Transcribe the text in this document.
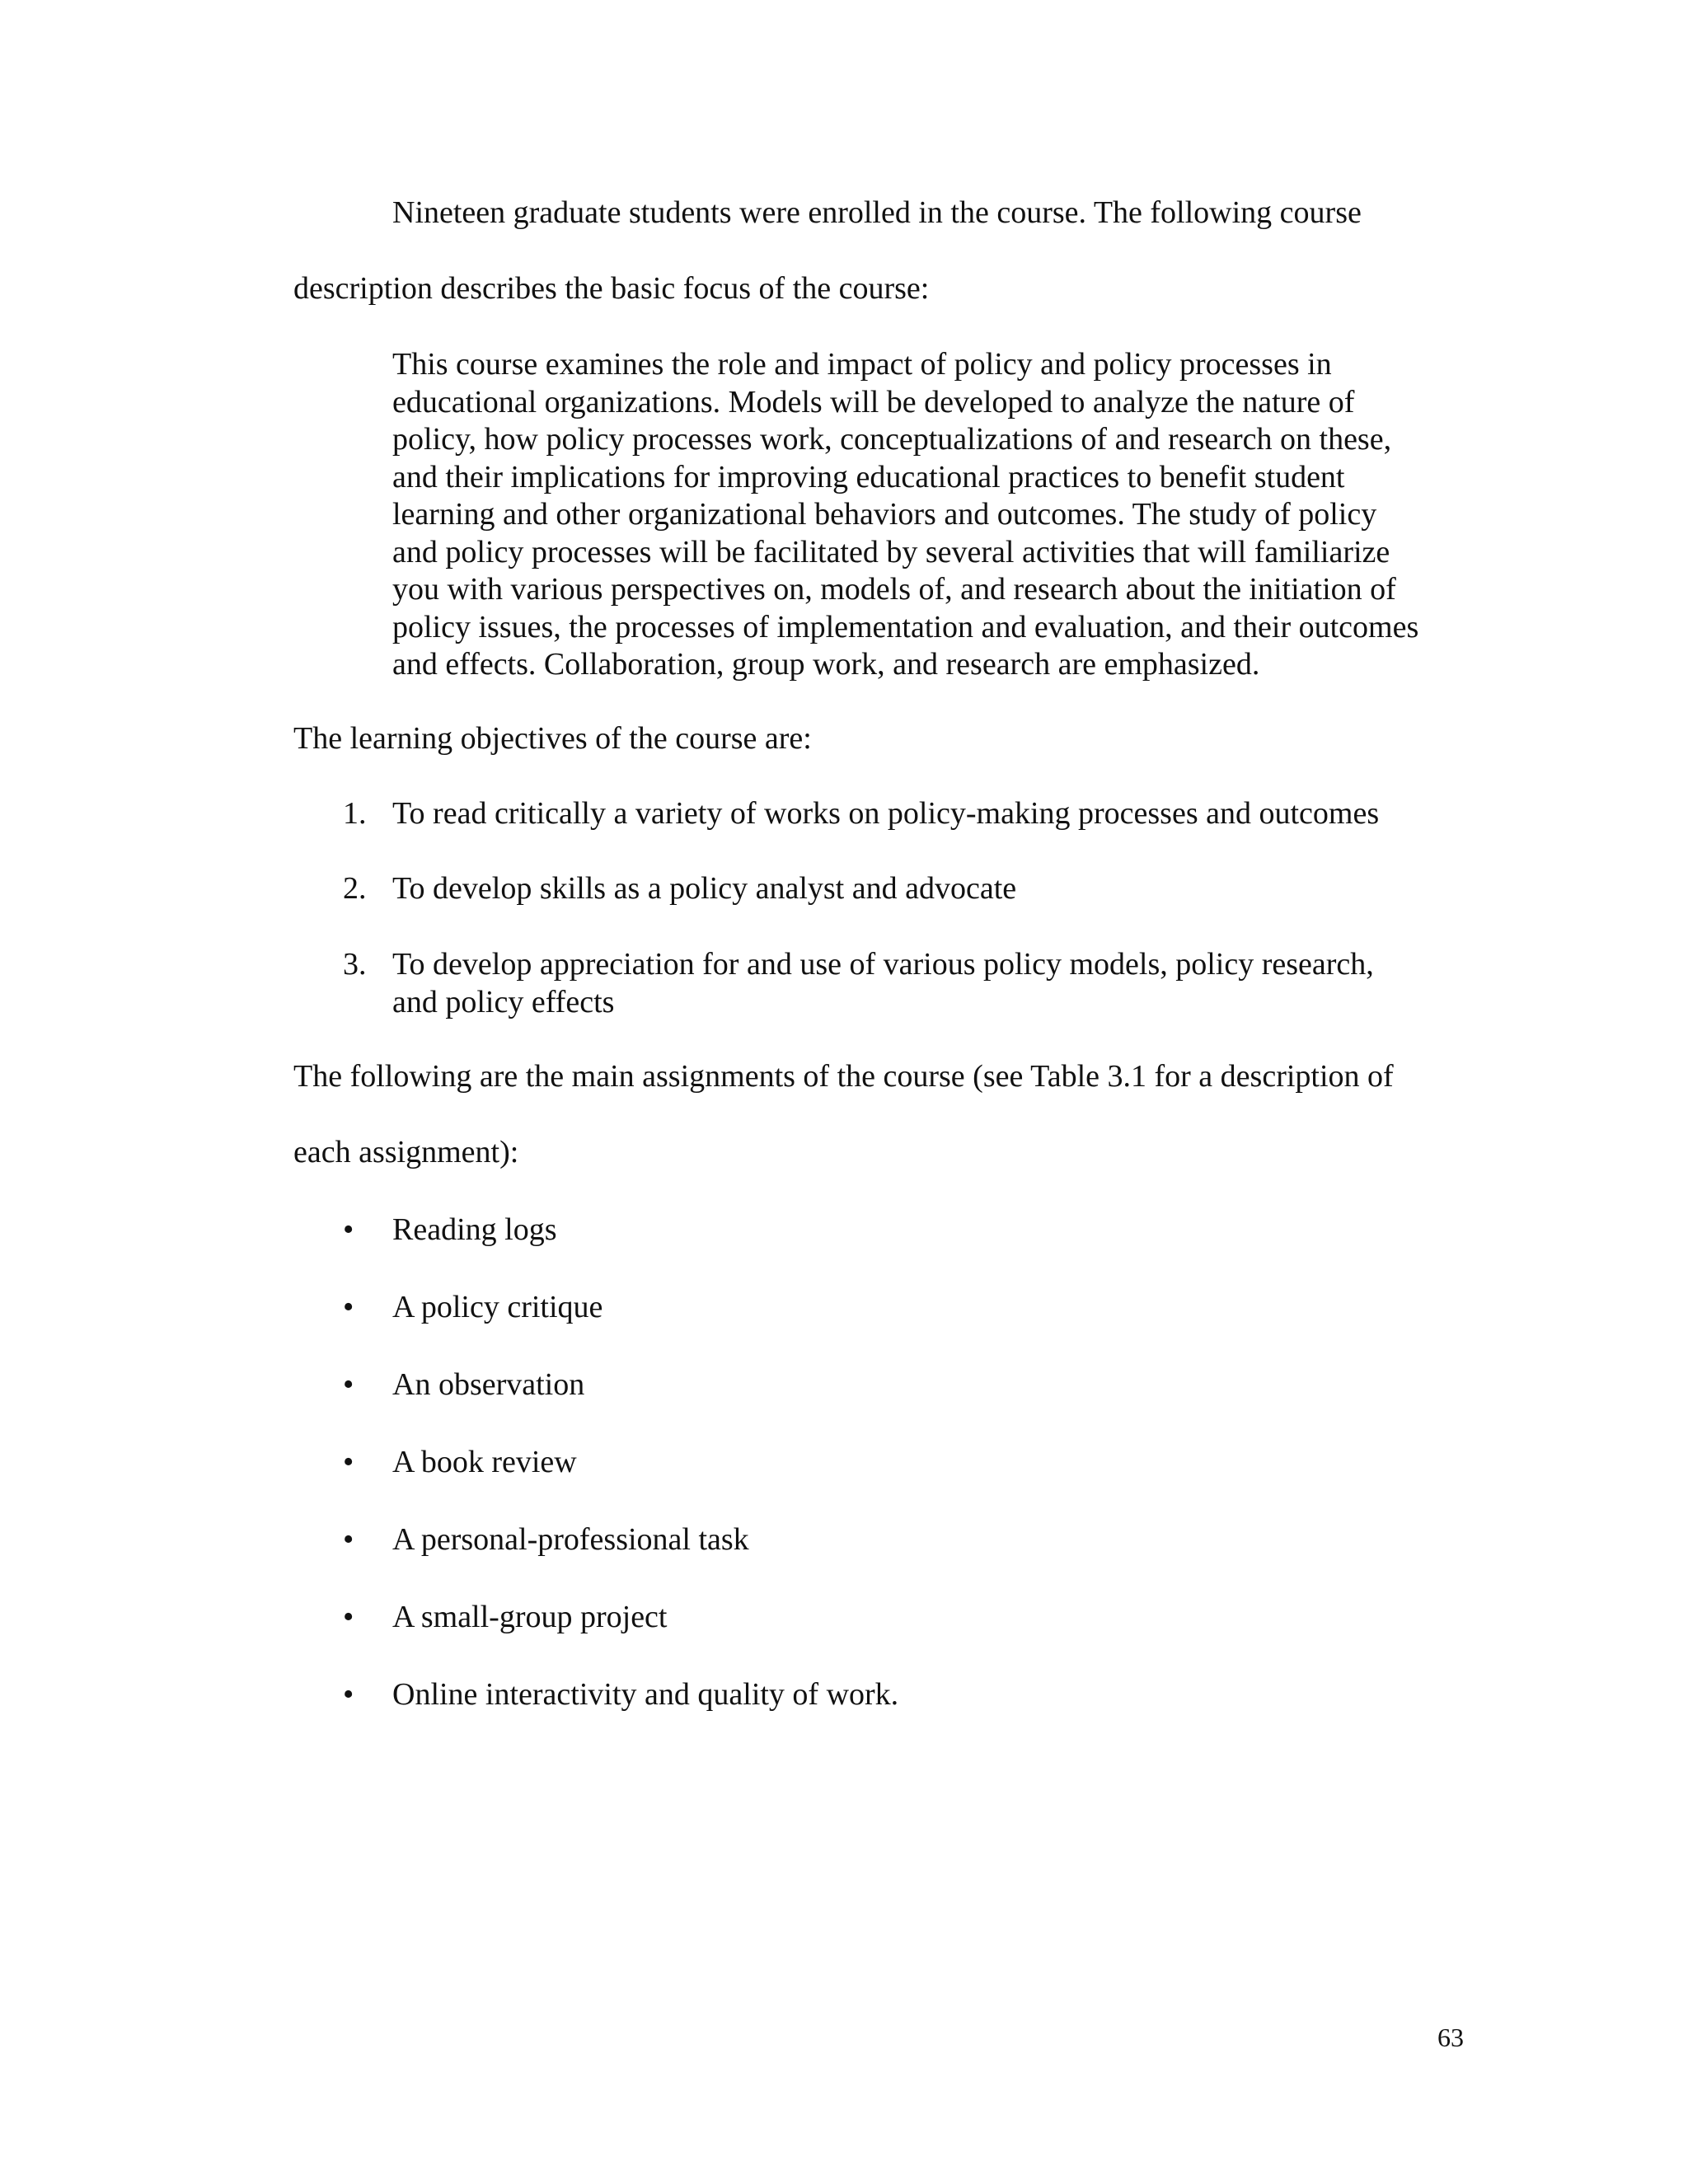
Nineteen graduate students were enrolled in the course. The following course

description describes the basic focus of the course:

This course examines the role and impact of policy and policy processes in
educational organizations. Models will be developed to analyze the nature of
policy, how policy processes work, conceptualizations of and research on these,
and their implications for improving educational practices to benefit student
learning and other organizational behaviors and outcomes. The study of policy
and policy processes will be facilitated by several activities that will familiarize
you with various perspectives on, models of, and research about the initiation of
policy issues, the processes of implementation and evaluation, and their outcomes
and effects. Collaboration, group work, and research are emphasized.

The learning objectives of the course are:

1. To read critically a variety of works on policy-making processes and outcomes
2. To develop skills as a policy analyst and advocate
3. To develop appreciation for and use of various policy models, policy research,
and policy effects

The following are the main assignments of the course (see Table 3.1 for a description of

each assignment):

• Reading logs
• A policy critique
• An observation
• A book review
• A personal-professional task
• A small-group project
• Online interactivity and quality of work.
63
